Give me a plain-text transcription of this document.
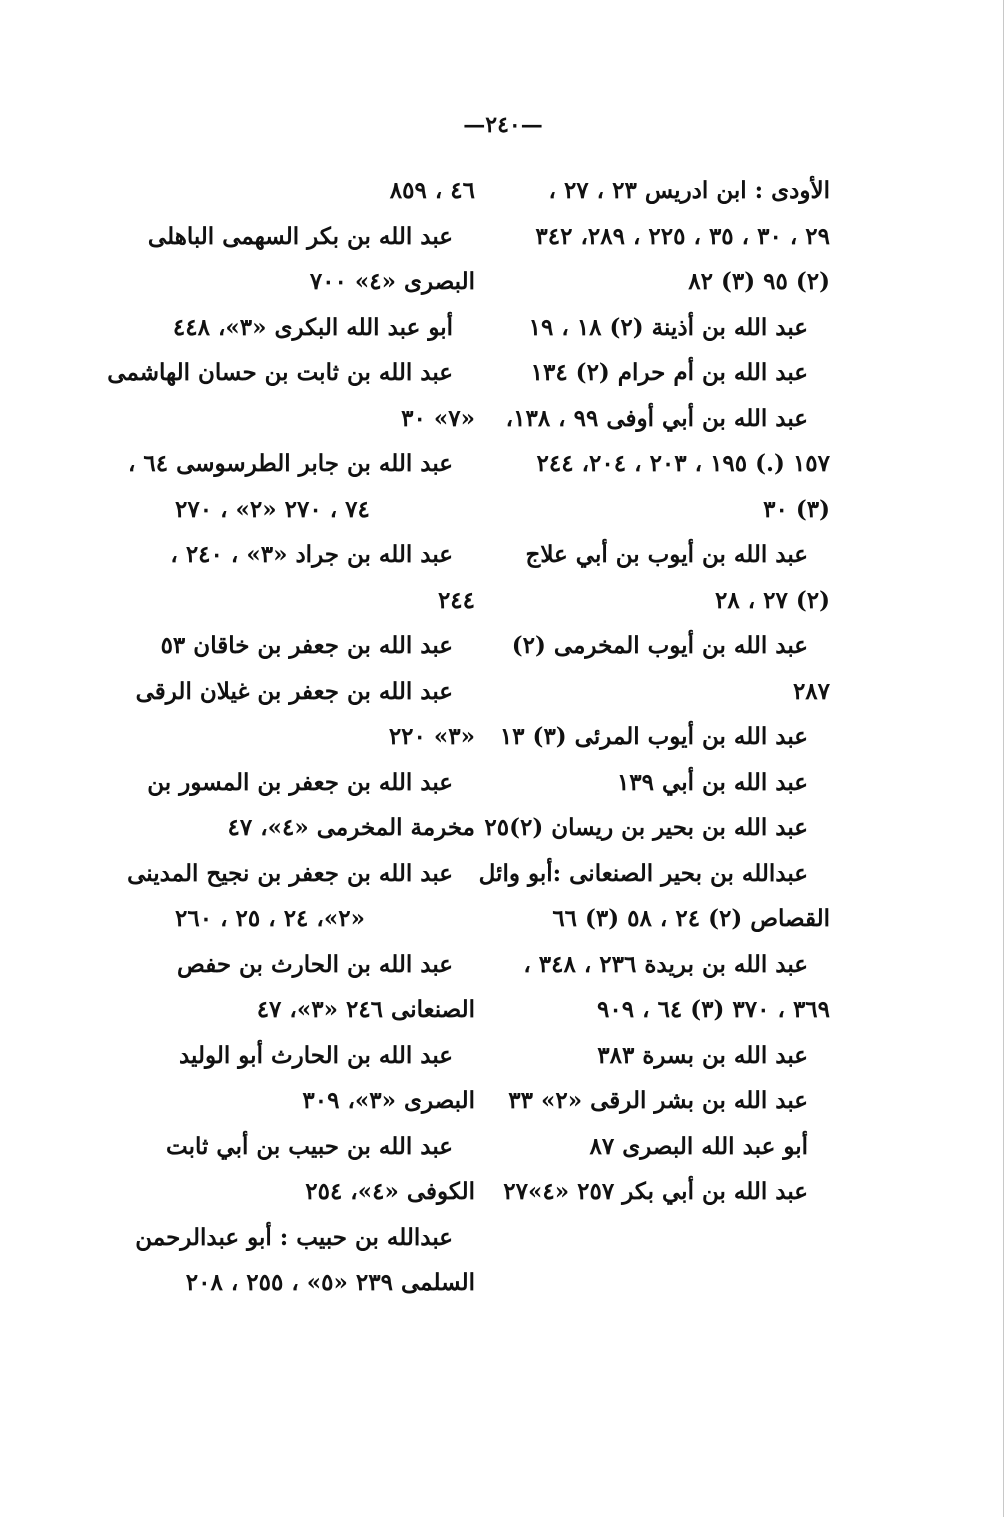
—٢٤٠—
الأودى : ابن ادريس ٢٣ ، ٢٧ ،
٢٩ ، ٣٠ ، ٣٥ ، ٢٢٥ ، ٢٨٩، ٣٤٢
(٢) ٩٥ (٣) ٨٢
عبد الله بن أذينة (٢) ١٨ ، ١٩
عبد الله بن أم حرام (٢) ١٣٤
عبد الله بن أبي أوفى ٩٩ ، ١٣٨،
١٥٧ (.) ١٩٥ ، ٢٠٣ ، ٢٠٤، ٢٤٤
(٣) ٣٠
عبد الله بن أيوب بن أبي علاج
(٢) ٢٧ ، ٢٨
عبد الله بن أيوب المخرمى (٢)
٢٨٧
عبد الله بن أيوب المرئى (٣) ١٣
عبد الله بن أبي ١٣٩
عبد الله بن بحير بن ريسان (٢)٢٥
عبدالله بن بحير الصنعانى :أبو وائل
القصاص (٢) ٢٤ ، ٥٨ (٣) ٦٦
عبد الله بن بريدة ٢٣٦ ، ٣٤٨ ،
٣٦٩ ، ٣٧٠ (٣) ٦٤ ، ٩٠٩
عبد الله بن بسرة ٣٨٣
عبد الله بن بشر الرقى «٢» ٣٣
أبو عبد الله البصرى ٨٧
عبد الله بن أبي بكر ٢٥٧ «٤»٢٧
٤٦ ، ٨٥٩
عبد الله بن بكر السهمى الباهلى
البصرى «٤» ٧٠٠
أبو عبد الله البكرى «٣»، ٤٤٨
عبد الله بن ثابت بن حسان الهاشمى
«٧» ٣٠
عبد الله بن جابر الطرسوسى ٦٤ ،
٧٤ ، ٢٧٠ «٢» ، ٢٧٠
عبد الله بن جراد «٣» ، ٢٤٠ ،
٢٤٤
عبد الله بن جعفر بن خاقان ٥٣
عبد الله بن جعفر بن غيلان الرقى
«٣» ٢٢٠
عبد الله بن جعفر بن المسور بن
مخرمة المخرمى «٤»، ٤٧
عبد الله بن جعفر بن نجيح المدينى
«٢»، ٢٤ ، ٢٥ ، ٢٦٠
عبد الله بن الحارث بن حفص
الصنعانى ٢٤٦ «٣»، ٤٧
عبد الله بن الحارث أبو الوليد
البصرى «٣»، ٣٠٩
عبد الله بن حبيب بن أبي ثابت
الكوفى «٤»، ٢٥٤
عبدالله بن حبيب : أبو عبدالرحمن
السلمى ٢٣٩ «٥» ، ٢٥٥ ، ٢٠٨
